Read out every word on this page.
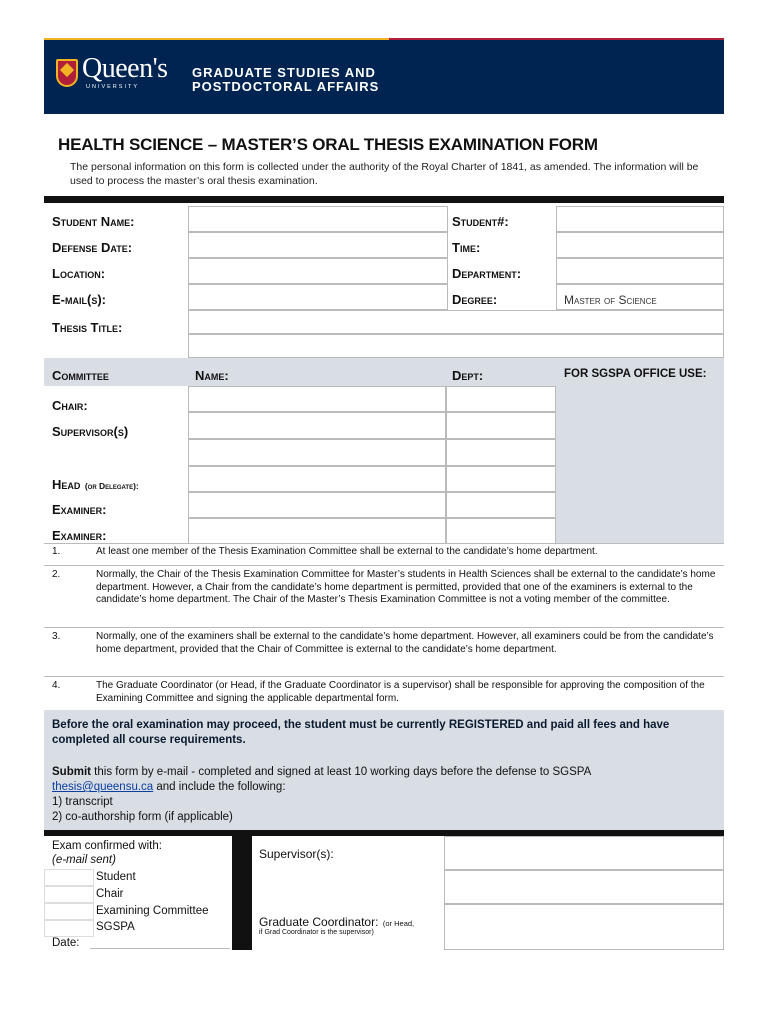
Queen's
UNIVERSITY
GRADUATE STUDIES AND
POSTDOCTORAL AFFAIRS
HEALTH SCIENCE – MASTER’S ORAL THESIS EXAMINATION FORM
The personal information on this form is collected under the authority of the Royal Charter of 1841, as amended. The information will be used to process the master’s oral thesis examination.
Student Name:	Student#:
Defense Date:	Time:
Location:	Department:
E-mail(s):	Degree:	Master of Science
Thesis Title:
Committee	Name:	Dept:	FOR SGSPA OFFICE USE:
Chair:
Supervisor(s)
Head (or Delegate):
Examiner:
Examiner:
1.	At least one member of the Thesis Examination Committee shall be external to the candidate’s home department.
2.	Normally, the Chair of the Thesis Examination Committee for Master’s students in Health Sciences shall be external to the candidate’s home department. However, a Chair from the candidate’s home department is permitted, provided that one of the examiners is external to the candidate’s home department. The Chair of the Master’s Thesis Examination Committee is not a voting member of the committee.
3.	Normally, one of the examiners shall be external to the candidate’s home department. However, all examiners could be from the candidate’s home department, provided that the Chair of Committee is external to the candidate’s home department.
4.	The Graduate Coordinator (or Head, if the Graduate Coordinator is a supervisor) shall be responsible for approving the composition of the Examining Committee and signing the applicable departmental form.
Before the oral examination may proceed, the student must be currently REGISTERED and paid all fees and have completed all course requirements.
Submit this form by e-mail - completed and signed at least 10 working days before the defense to SGSPA
thesis@queensu.ca and include the following:
1) transcript
2) co-authorship form (if applicable)
Exam confirmed with:
(e-mail sent)
Student
Chair
Examining Committee
SGSPA
Date:
Supervisor(s):
Graduate Coordinator: (or Head,
if Grad Coordinator is the supervisor)
